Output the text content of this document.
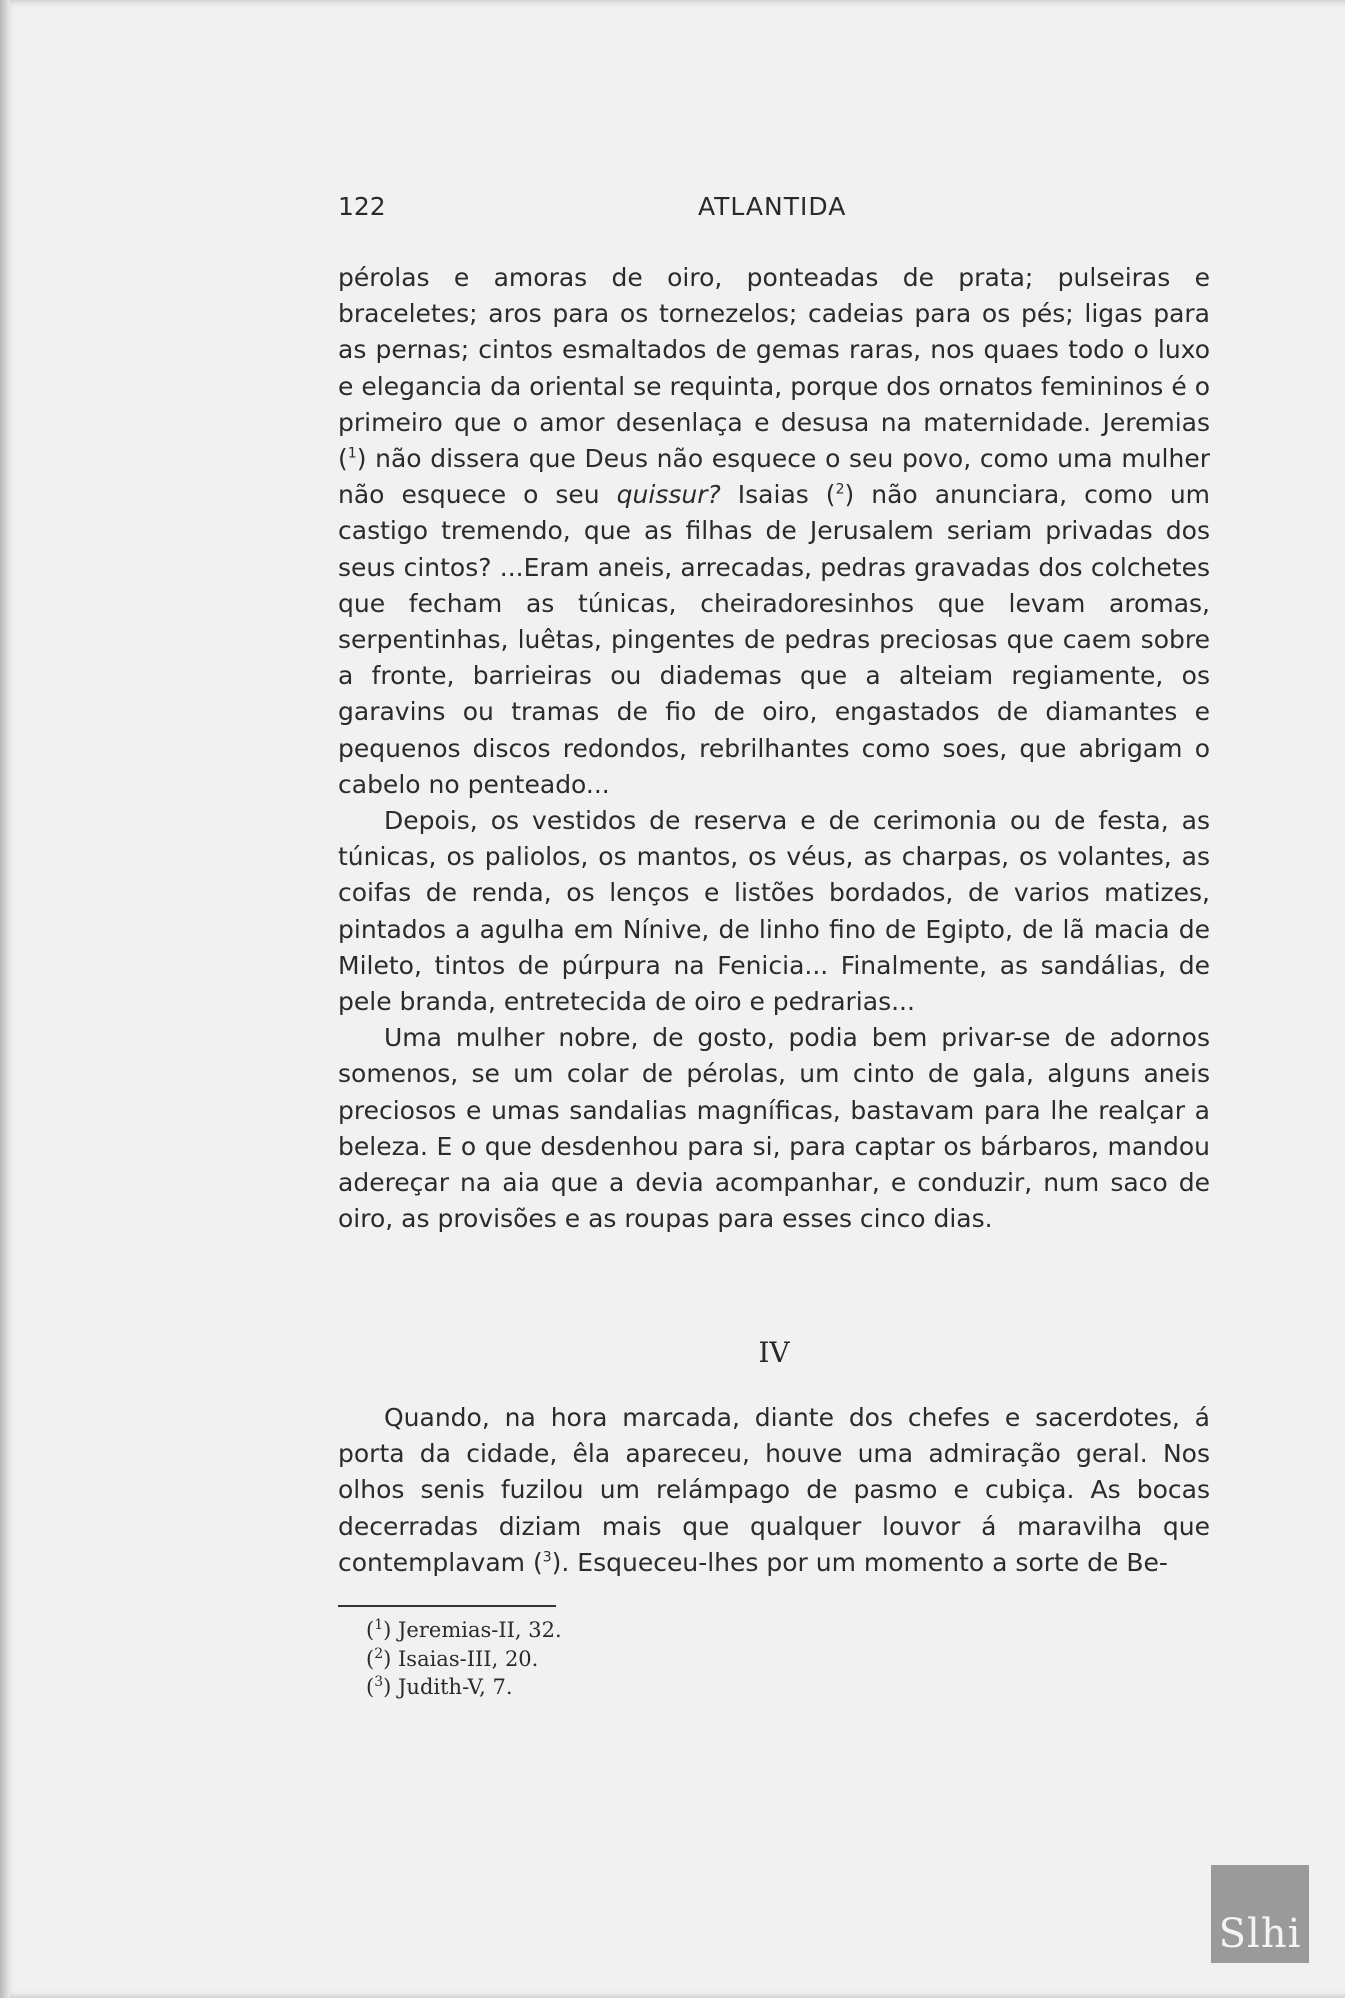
122	ATLANTIDA

pérolas e amoras de oiro, ponteadas de prata; pulseiras e braceletes; aros para os tornezelos; cadeias para os pés; ligas para as pernas; cintos esmaltados de gemas raras, nos quaes todo o luxo e elegancia da oriental se requinta, porque dos ornatos femininos é o primeiro que o amor desenlaça e desusa na maternidade. Jeremias ($^1$) não dissera que Deus não esquece o seu povo, como uma mulher não esquece o seu quissur? Isaias ($^2$) não anunciara, como um castigo tremendo, que as filhas de Jerusalem seriam privadas dos seus cintos? ...Eram aneis, arrecadas, pedras gravadas dos colchetes que fecham as túnicas, cheiradoresinhos que levam aromas, serpentinhas, luêtas, pingentes de pedras preciosas que caem sobre a fronte, barrieiras ou diademas que a alteiam regiamente, os garavins ou tramas de fio de oiro, engastados de diamantes e pequenos discos redondos, rebrilhantes como soes, que abrigam o cabelo no penteado...

Depois, os vestidos de reserva e de cerimonia ou de festa, as túnicas, os paliolos, os mantos, os véus, as charpas, os volantes, as coifas de renda, os lenços e listões bordados, de varios matizes, pintados a agulha em Nínive, de linho fino de Egipto, de lã macia de Mileto, tintos de púrpura na Fenicia... Finalmente, as sandálias, de pele branda, entretecida de oiro e pedrarias...

Uma mulher nobre, de gosto, podia bem privar-se de adornos somenos, se um colar de pérolas, um cinto de gala, alguns aneis preciosos e umas sandalias magníficas, bastavam para lhe realçar a beleza. E o que desdenhou para si, para captar os bárbaros, mandou adereçar na aia que a devia acompanhar, e conduzir, num saco de oiro, as provisões e as roupas para esses cinco dias.

IV

Quando, na hora marcada, diante dos chefes e sacerdotes, á porta da cidade, êla apareceu, houve uma admiração geral. Nos olhos senis fuzilou um relámpago de pasmo e cubiça. As bocas decerradas diziam mais que qualquer louvor á maravilha que contemplavam ($^3$). Esqueceu-lhes por um momento a sorte de Be-

($^1$) Jeremias-II, 32.
($^2$) Isaias-III, 20.
($^3$) Judith-V, 7.
Slhi
